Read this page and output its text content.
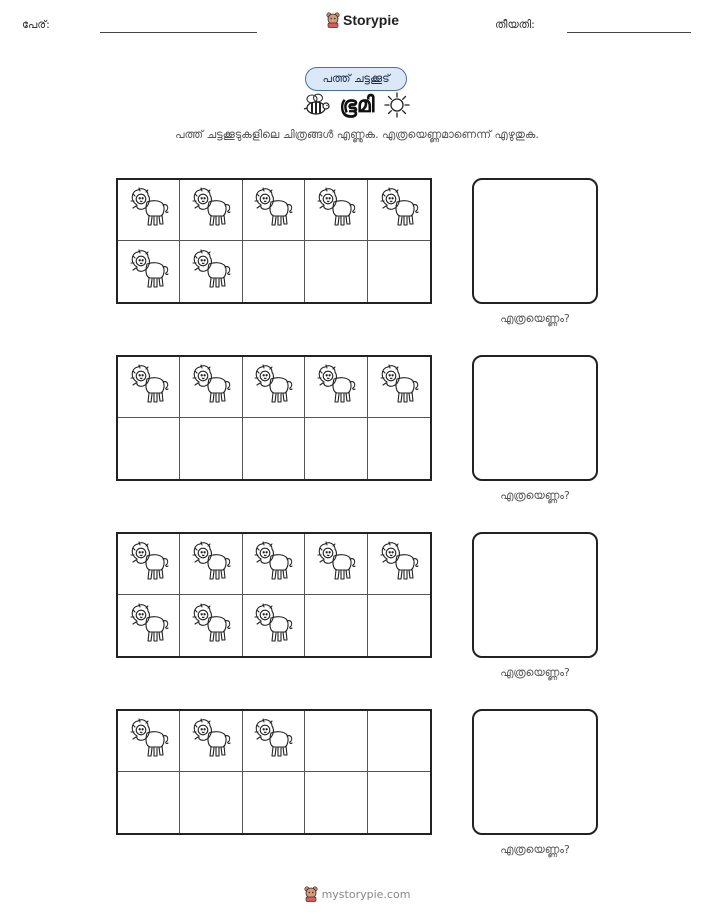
പേര്:	Storypie	തീയതി:
പത്ത് ചട്ടക്കൂട്
ഭൂമി
പത്ത് ചട്ടക്കൂടുകളിലെ ചിത്രങ്ങൾ എണ്ണുക. എത്രയെണ്ണമാണെന്ന് എഴുതുക.
എത്രയെണ്ണം?
എത്രയെണ്ണം?
എത്രയെണ്ണം?
എത്രയെണ്ണം?
mystorypie.com
